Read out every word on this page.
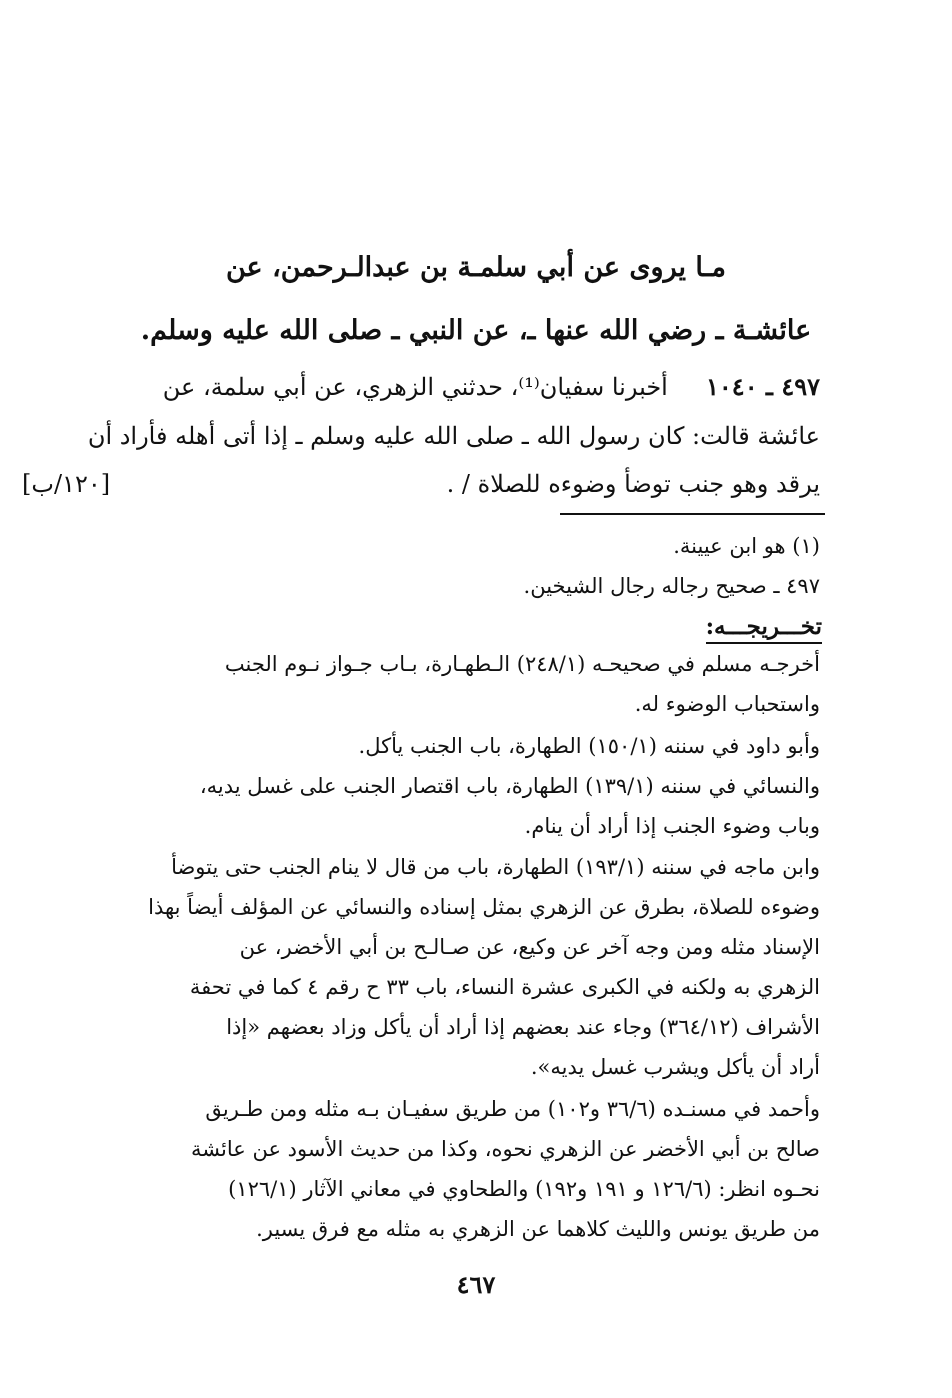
مـا يروى عن أبي سلمـة بن عبدالـرحمن، عن
عائشـة ـ رضي الله عنها ـ، عن النبي ـ صلى الله عليه وسلم.
٤٩٧ ـ ١٠٤٠     أخبرنا سفيان⁽¹⁾، حدثني الزهري، عن أبي سلمة، عن
عائشة قالت: كان رسول الله ـ صلى الله عليه وسلم ـ إذا أتى أهله فأراد أن
يرقد وهو جنب توضأ وضوءه للصلاة / .
[١٢٠/ب]
(١) هو ابن عيينة.
٤٩٧ ـ صحيح رجاله رجال الشيخين.
تخـــريجـــه:
أخرجـه مسلم في صحيحـه (٢٤٨/١) الـطهـارة، بـاب جـواز نـوم الجنب
واستحباب الوضوء له.
وأبو داود في سننه (١٥٠/١) الطهارة، باب الجنب يأكل.
والنسائي في سننه (١٣٩/١) الطهارة، باب اقتصار الجنب على غسل يديه،
وباب وضوء الجنب إذا أراد أن ينام.
وابن ماجه في سننه (١٩٣/١) الطهارة، باب من قال لا ينام الجنب حتى يتوضأ
وضوءه للصلاة، بطرق عن الزهري بمثل إسناده والنسائي عن المؤلف أيضاً بهذا
الإسناد مثله ومن وجه آخر عن وكيع، عن صـالـح بن أبي الأخضر، عن
الزهري به ولكنه في الكبرى عشرة النساء، باب ٣٣ ح رقم ٤ كما في تحفة
الأشراف (٣٦٤/١٢) وجاء عند بعضهم إذا أراد أن يأكل وزاد بعضهم «إذا
أراد أن يأكل ويشرب غسل يديه».
وأحمد في مسنـده (٣٦/٦ و١٠٢) من طريق سفيـان بـه مثله ومن طـريق
صالح بن أبي الأخضر عن الزهري نحوه، وكذا من حديث الأسود عن عائشة
نحـوه انظر: (١٢٦/٦ و ١٩١ و١٩٢) والطحاوي في معاني الآثار (١٢٦/١)
من طريق يونس والليث كلاهما عن الزهري به مثله مع فرق يسير.
٤٦٧
